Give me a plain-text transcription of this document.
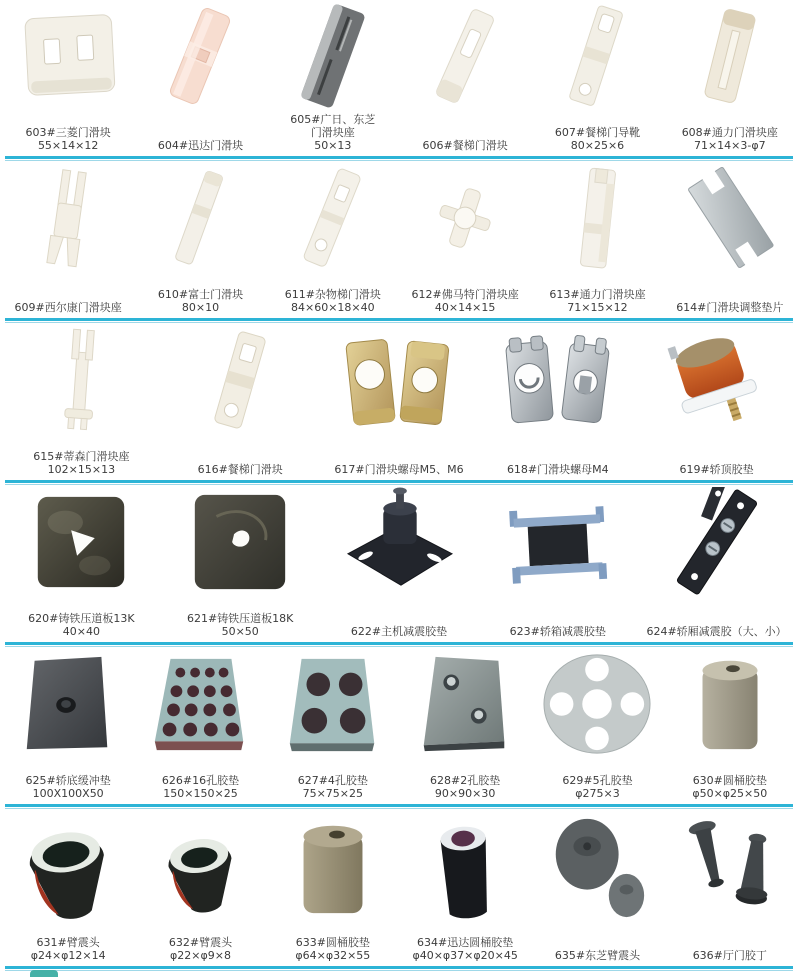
603#三菱门滑块
55×14×12	604#迅达门滑块
605#广日、东芝
门滑块座
50×13	606#餐梯门滑块
607#餐梯门导靴
80×25×6
608#通力门滑块座
71×14×3-φ7
609#西尔康门滑块座
610#富士门滑块
80×10
611#杂物梯门滑块
84×60×18×40
612#佛马特门滑块座
40×14×15
613#通力门滑块座
71×15×12	614#门滑块调整垫片
615#蒂森门滑块座
102×15×13	616#餐梯门滑块	617#门滑块螺母M5、M6	618#门滑块螺母M4	619#轿顶胶垫
620#铸铁压道板13K
40×40
621#铸铁压道板18K
50×50	622#主机减震胶垫	623#轿箱减震胶垫	624#轿厢减震胶（大、小）
625#轿底缓冲垫
100X100X50
626#16孔胶垫
150×150×25
627#4孔胶垫
75×75×25
628#2孔胶垫
90×90×30
629#5孔胶垫
φ275×3
630#圆桶胶垫
φ50×φ25×50
631#臂震头
φ24×φ12×14
632#臂震头
φ22×φ9×8
633#圆桶胶垫
φ64×φ32×55
634#迅达圆桶胶垫
φ40×φ37×φ20×45	635#东芝臂震头	636#厅门胶丁
